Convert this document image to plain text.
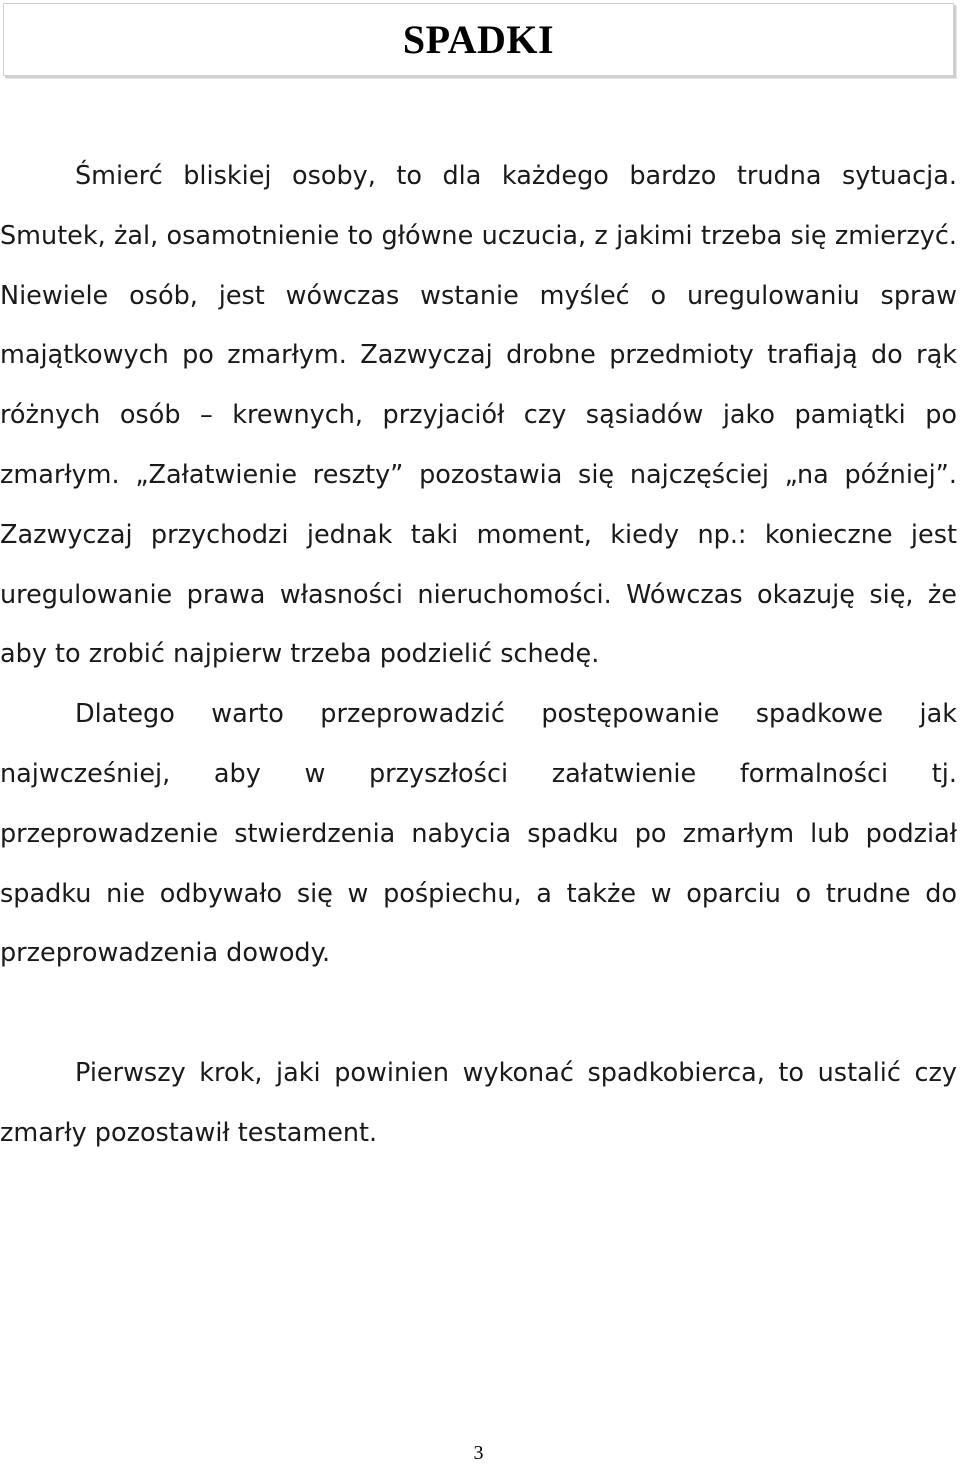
SPADKI

Śmierć bliskiej osoby, to dla każdego bardzo trudna sytuacja. Smutek, żal, osamotnienie to główne uczucia, z jakimi trzeba się zmierzyć. Niewiele osób, jest wówczas wstanie myśleć o uregulowaniu spraw majątkowych po zmarłym. Zazwyczaj drobne przedmioty trafiają do rąk różnych osób – krewnych, przyjaciół czy sąsiadów jako pamiątki po zmarłym. „Załatwienie reszty” pozostawia się najczęściej „na później”. Zazwyczaj przychodzi jednak taki moment, kiedy np.: konieczne jest uregulowanie prawa własności nieruchomości. Wówczas okazuję się, że aby to zrobić najpierw trzeba podzielić schedę.

Dlatego warto przeprowadzić postępowanie spadkowe jak najwcześniej, aby w przyszłości załatwienie formalności tj. przeprowadzenie stwierdzenia nabycia spadku po zmarłym lub podział spadku nie odbywało się w pośpiechu, a także w oparciu o trudne do przeprowadzenia dowody.

Pierwszy krok, jaki powinien wykonać spadkobierca, to ustalić czy zmarły pozostawił testament.

3
